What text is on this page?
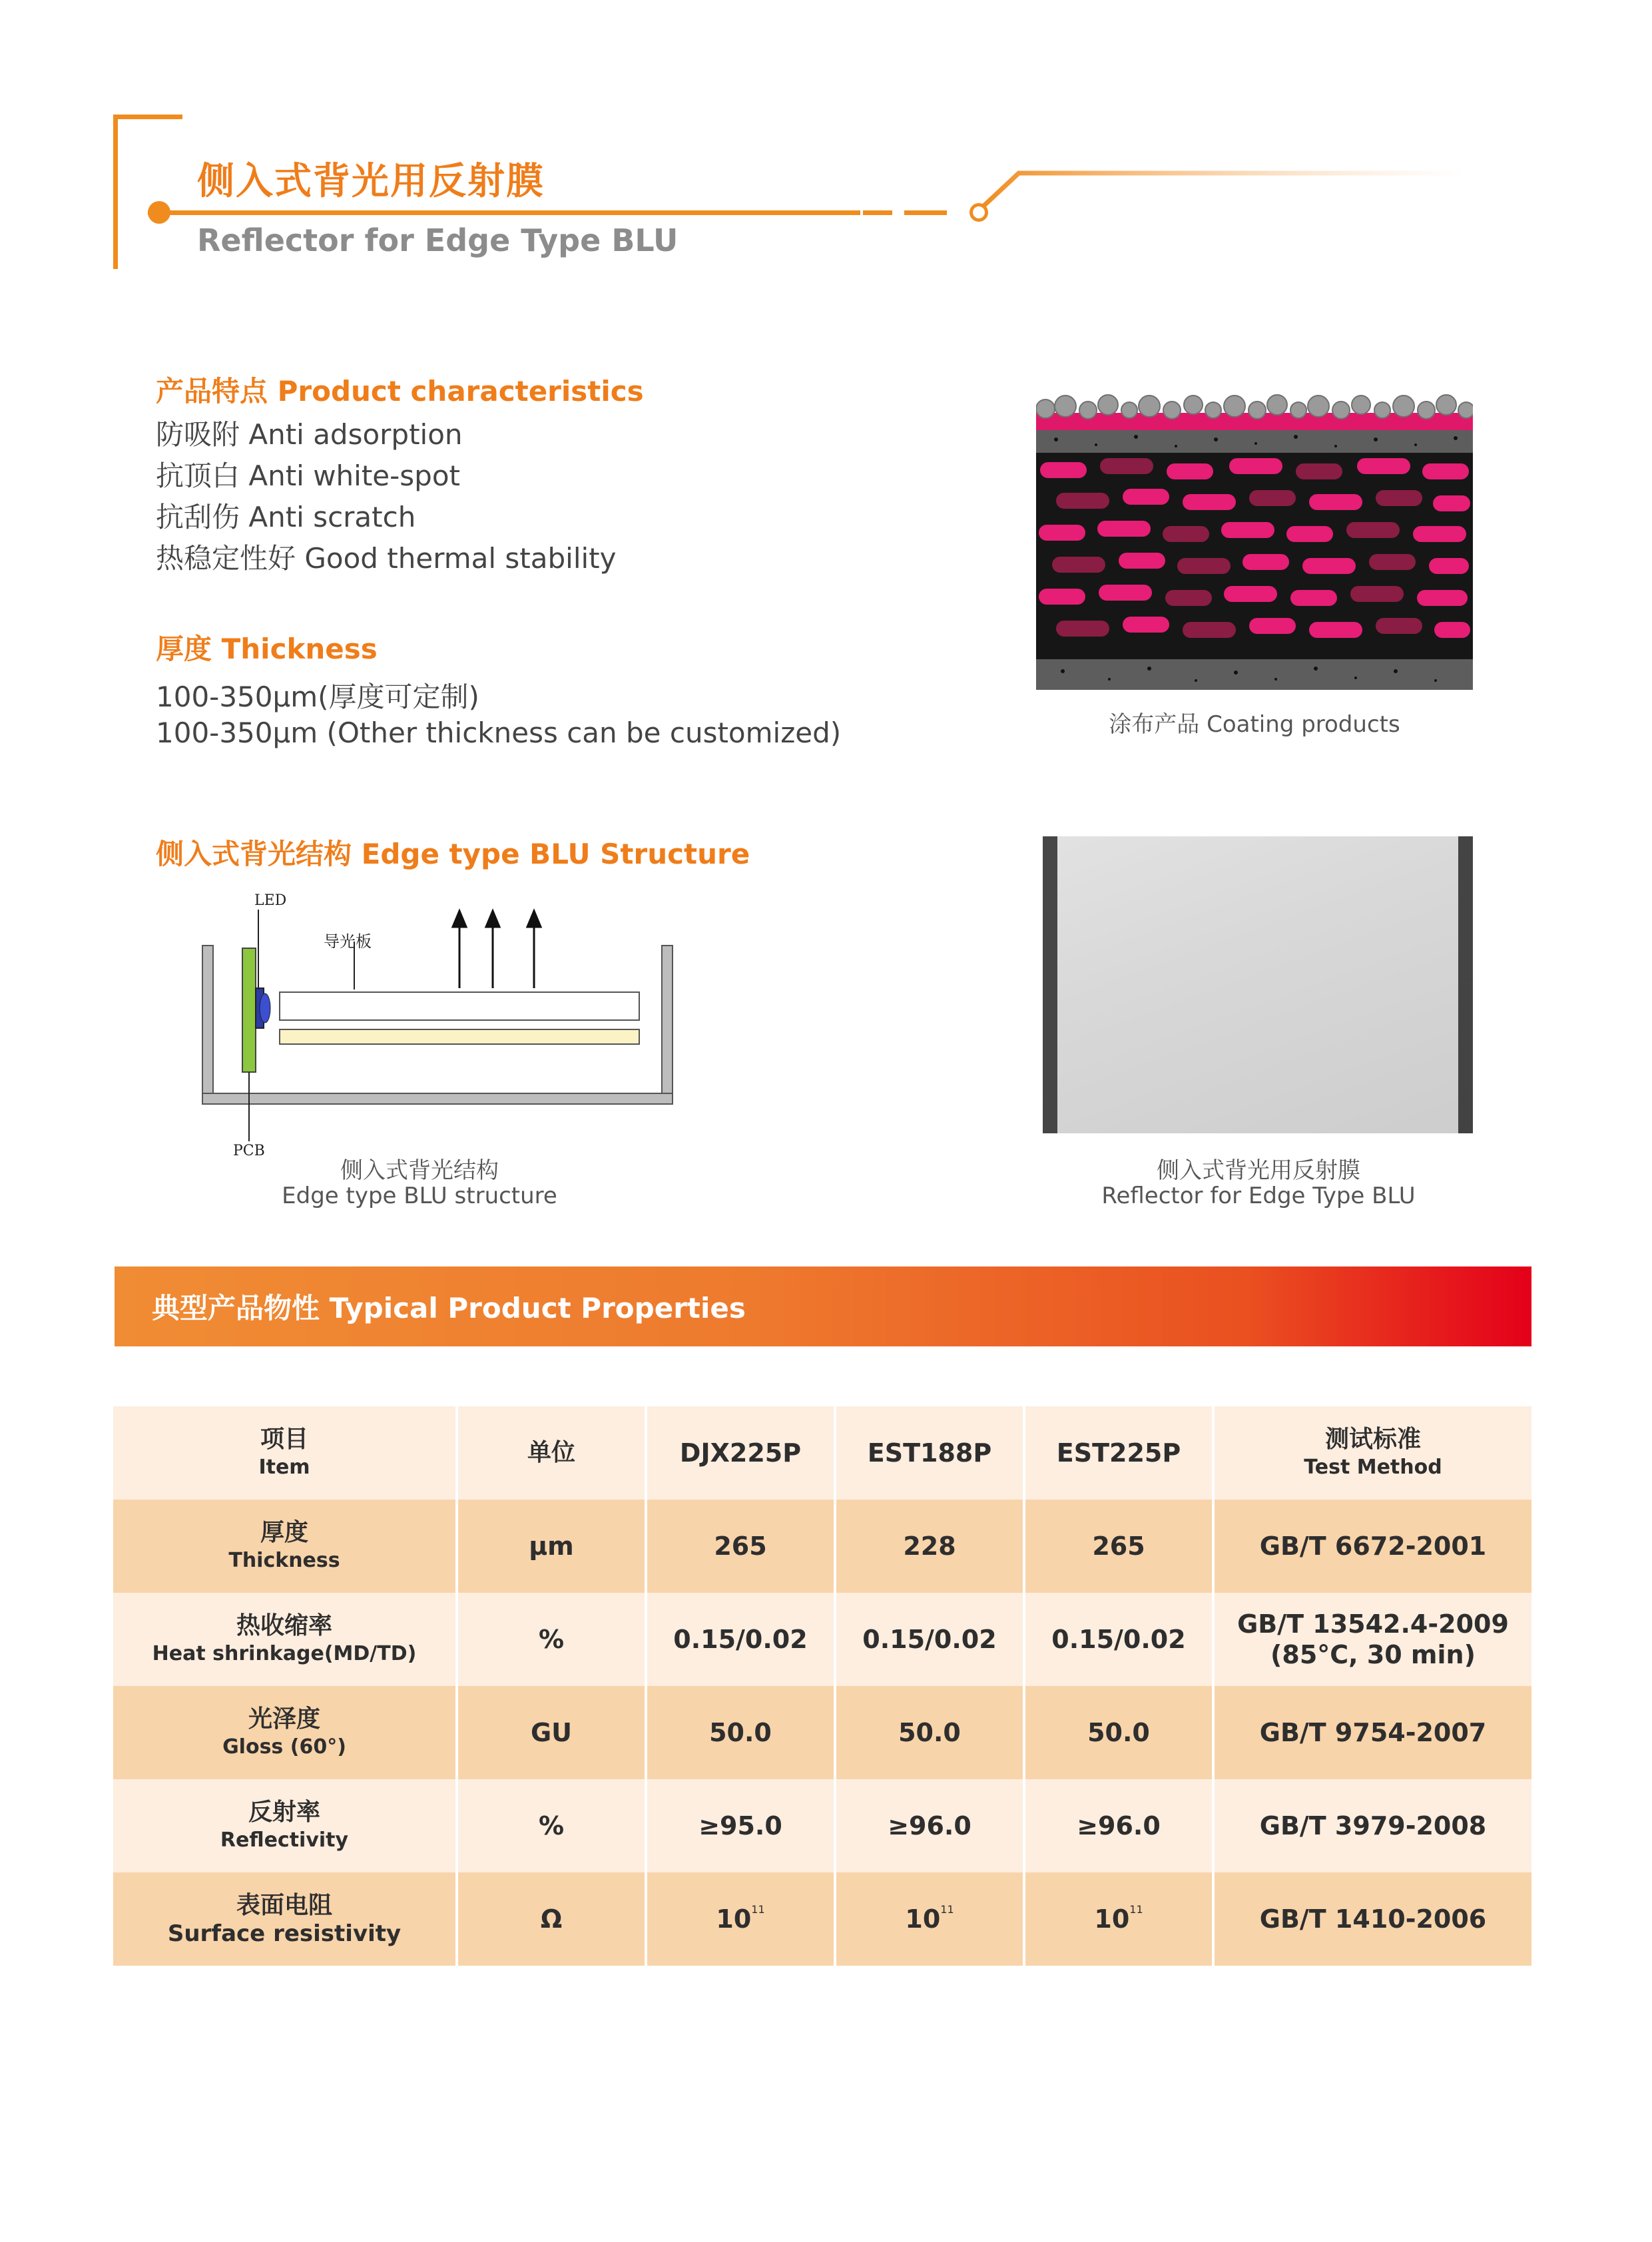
侧入式背光用反射膜
Reflector for Edge Type BLU
产品特点 Product characteristics
防吸附 Anti adsorption
抗顶白 Anti white-spot
抗刮伤 Anti scratch
热稳定性好 Good thermal stability
厚度 Thickness
100-350μm(厚度可定制)
100-350μm (Other thickness can be customized)	涂布产品 Coating products
侧入式背光结构 Edge type BLU Structure
LED
导光板
PCB
侧入式背光结构
Edge type BLU structure
侧入式背光用反射膜
Reflector for Edge Type BLU
典型产品物性 Typical Product Properties
项目
Item	单位	DJX225P	EST188P	EST225P	测试标准
Test Method

厚度
Thickness	μm	265	228	265	GB/T 6672-2001

热收缩率
Heat shrinkage(MD/TD)	%	0.15/0.02	0.15/0.02	0.15/0.02	GB/T 13542.4-2009
(85°C, 30 min)

光泽度
Gloss (60°)	GU	50.0	50.0	50.0	GB/T 9754-2007

反射率
Reflectivity	%	≥95.0	≥96.0	≥96.0	GB/T 3979-2008

表面电阻
Surface resistivity	Ω	$10^{11}$	$10^{11}$	$10^{11}$	GB/T 1410-2006
